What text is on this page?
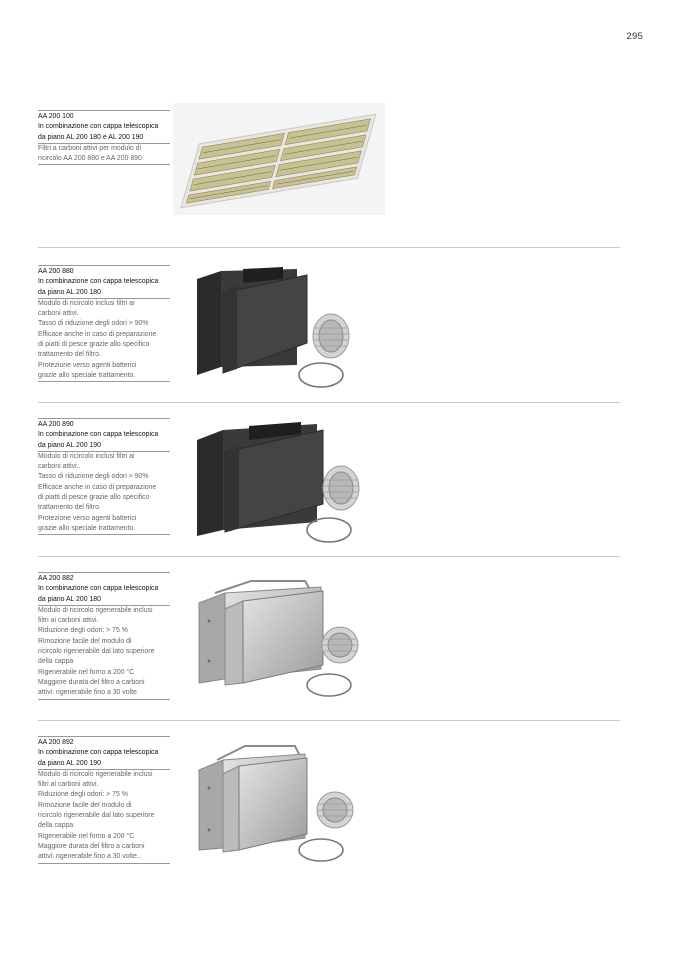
295
AA 200 100
In combinazione con cappa telescopica
da piano AL 200 180 e AL 200 190
Filtri a carboni attivi per modulo di
ricircolo AA 200 880 e AA 200 890
AA 200 880
In combinazione con cappa telescopica
da piano AL 200 180
Modulo di ricircolo inclusi filtri ai
carboni attivi.
Tasso di riduzione degli odori > 90%
Efficace anche in caso di preparazione
di piatti di pesce grazie allo specifico
trattamento del filtro.
Protezione verso agenti batterici
grazie allo speciale trattamento.
AA 200 890
In combinazione con cappa telescopica
da piano AL 200 190
Modulo di ricircolo inclusi filtri ai
carboni attivi..
Tasso di riduzione degli odori > 90%
Efficace anche in caso di preparazione
di piatti di pesce grazie allo specifico
trattamento del filtro.
Protezione verso agenti batterici
grazie allo speciale trattamento.
AA 200 882
In combinazione con cappa telescopica
da piano AL 200 180
Modulo di ricircolo rigenerabile inclusi
filtri ai carboni attivi.
Riduzione degli odori: > 75 %
Rimozione facile del modulo di
ricircolo rigenerabile dal lato superiore
della cappa
Rigenerabile nel forno a 200 °C
Maggiore durata del filtro a carboni
attivi: rigenerabile fino a 30 volte.
AA 200 892
In combinazione con cappa telescopica
da piano AL 200 190
Modulo di ricircolo rigenerabile inclusi
filtri ai carboni attivi.
Riduzione degli odori: > 75 %
Rimozione facile del modulo di
ricircolo rigenerabile dal lato superiore
della cappa
Rigenerabile nel forno a 200 °C
Maggiore durata del filtro a carboni
attivi: rigenerabile fino a 30 volte..
